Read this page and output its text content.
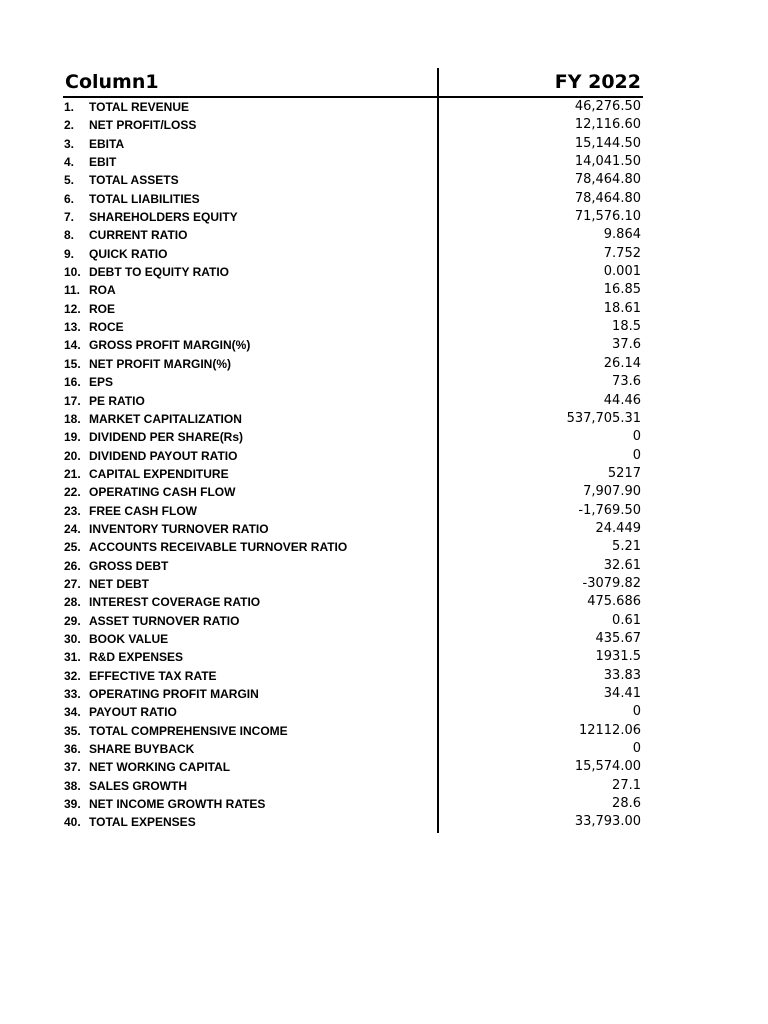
Column1	FY 2022
1. TOTAL REVENUE	46,276.50
2. NET PROFIT/LOSS	12,116.60
3. EBITA	15,144.50
4. EBIT	14,041.50
5. TOTAL ASSETS	78,464.80
6. TOTAL LIABILITIES	78,464.80
7. SHAREHOLDERS EQUITY	71,576.10
8. CURRENT RATIO	9.864
9. QUICK RATIO	7.752
10. DEBT TO EQUITY RATIO	0.001
11. ROA	16.85
12. ROE	18.61
13. ROCE	18.5
14. GROSS PROFIT MARGIN(%)	37.6
15. NET PROFIT MARGIN(%)	26.14
16. EPS	73.6
17. PE RATIO	44.46
18. MARKET CAPITALIZATION	537,705.31
19. DIVIDEND PER SHARE(Rs)	0
20. DIVIDEND PAYOUT RATIO	0
21. CAPITAL EXPENDITURE	5217
22. OPERATING CASH FLOW	7,907.90
23. FREE CASH FLOW	-1,769.50
24. INVENTORY TURNOVER RATIO	24.449
25. ACCOUNTS RECEIVABLE TURNOVER RATIO	5.21
26. GROSS DEBT	32.61
27. NET DEBT	-3079.82
28. INTEREST COVERAGE RATIO	475.686
29. ASSET TURNOVER RATIO	0.61
30. BOOK VALUE	435.67
31. R&D EXPENSES	1931.5
32. EFFECTIVE TAX RATE	33.83
33. OPERATING PROFIT MARGIN	34.41
34. PAYOUT RATIO	0
35. TOTAL COMPREHENSIVE INCOME	12112.06
36. SHARE BUYBACK	0
37. NET WORKING CAPITAL	15,574.00
38. SALES GROWTH	27.1
39. NET INCOME GROWTH RATES	28.6
40. TOTAL EXPENSES	33,793.00
